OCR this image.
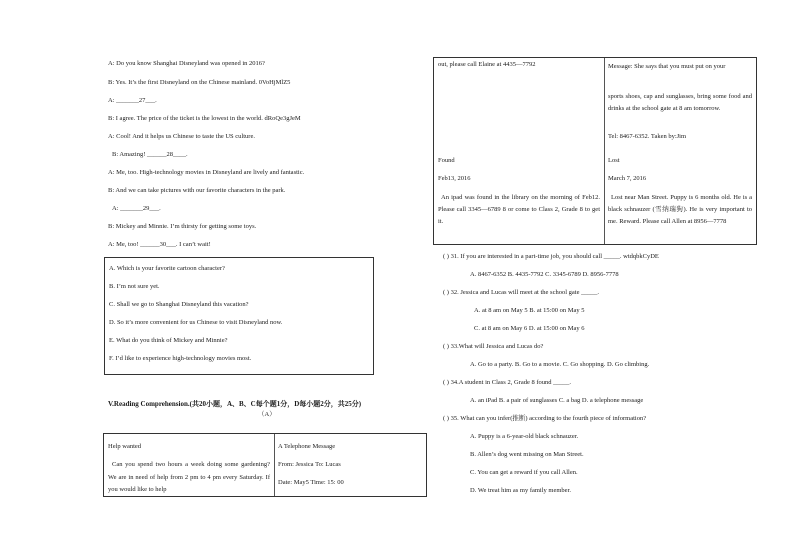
A: Do you know Shanghai Disneyland was opened in 2016?
B: Yes. It’s the first Disneyland on the Chinese mainland. 0VoHjMlZ5
A: _______27___.
B: I agree. The price of the ticket is the lowest in the world. dRoQe3gJeM
A: Cool! And it helps us Chinese to taste the US culture.
B: Amazing! ______28____.
A: Me, too. High-technology movies in Disneyland are lively and fantastic.
B: And we can take pictures with our favorite characters in the park.
A: _______29___.
B: Mickey and Minnie. I’m thirsty for getting some toys.
A: Me, too! ______30___. I can’t wait!
A. Which is your favorite cartoon character?
B. I’m not sure yet.
C. Shall we go to Shanghai Disneyland this vacation?
D. So it’s more convenient for us Chinese to visit Disneyland now.
E. What do you think of Mickey and Minnie?
F. I’d like to experience high-technology movies most.
V.Reading Comprehension.(共20小题，A、B、C每个题1分，D每小题2分，共25分)
（A）
Help wanted
Can you spend two hours a week doing some gardening? We are in need of help from 2 pm to 4 pm every Saturday. If you would like to help
A Telephone Message
From: Jessica To: Lucas
Date: May5 Time: 15: 00
out, please call Elaine at 4435—7792	Message: She says that you must put on your
sports shoes, cap and sunglasses, bring some food and drinks at the school gate at 8 am tomorrow.
Tel: 8467-6352. Taken by:Jim
Found	Lost
Feb13, 2016	March 7, 2016
An ipad was found in the library on the morning of Feb12. Please call 3345—6789 8 or come to Class 2, Grade 8 to get it.
Lost near Man Street. Puppy is 6 months old. He is a black schnauzer (雪纳瑞狗). He is very important to me. Reward. Please call Allen at 8956—7778
( ) 31. If you are interested in a part-time job, you should call _____. wtdqbkCyDE
A. 8467-6352 B. 4435-7792 C. 3345-6789 D. 8956-7778
( ) 32. Jessica and Lucas will meet at the school gate _____.
A. at 8 am on May 5 B. at 15:00 on May 5
C. at 8 am on May 6 D. at 15:00 on May 6
( ) 33.What will Jessica and Lucas do?
A. Go to a party. B. Go to a movie. C. Go shopping. D. Go climbing.
( ) 34.A student in Class 2, Grade 8 found _____.
A. an iPad B. a pair of sunglasses C. a bag D. a telephone message
( ) 35. What can you infer(推断) according to the fourth piece of information?
A. Puppy is a 6-year-old black schnauzer.
B. Allen’s dog went missing on Man Street.
C. You can get a reward if you call Allen.
D. We treat him as my family member.
